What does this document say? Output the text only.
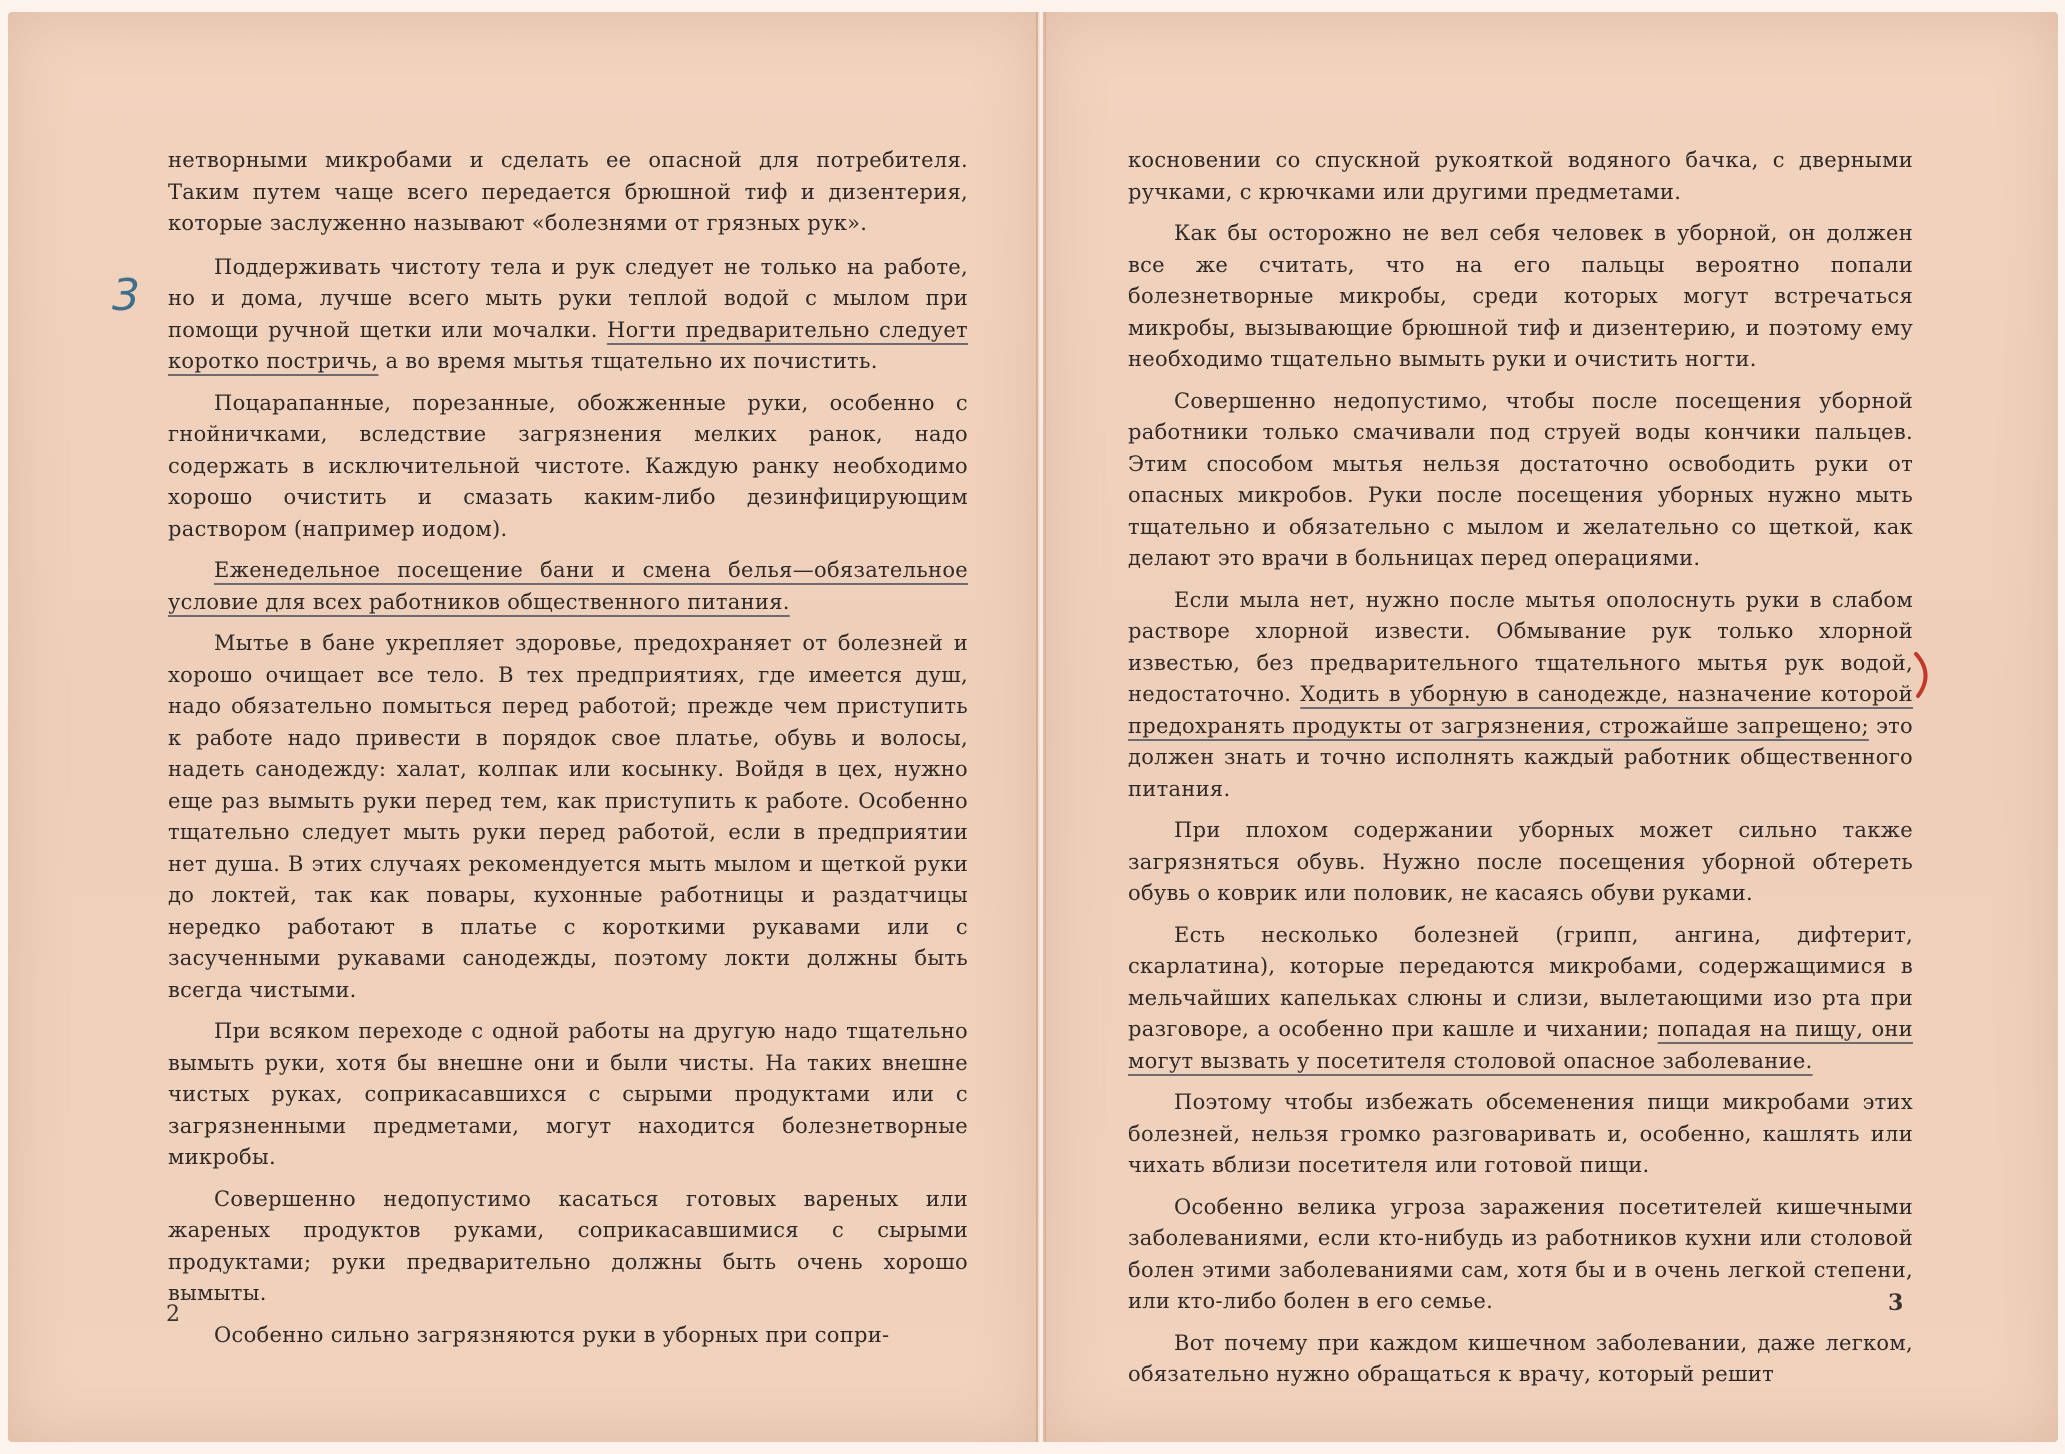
3

нетворными микробами и сделать ее опасной для потребителя. Таким путем чаще всего передается брюшной тиф и дизентерия, которые заслуженно называют «болезнями от грязных рук».

Поддерживать чистоту тела и рук следует не только на работе, но и дома, лучше всего мыть руки теплой водой с мылом при помощи ручной щетки или мочалки. Ногти предварительно следует коротко постричь, а во время мытья тщательно их почистить.

Поцарапанные, порезанные, обожженные руки, особенно с гнойничками, вследствие загрязнения мелких ранок, надо содержать в исключительной чистоте. Каждую ранку необходимо хорошо очистить и смазать каким-либо дезинфицирующим раствором (например иодом).

Еженедельное посещение бани и смена белья—обязательное условие для всех работников общественного питания.

Мытье в бане укрепляет здоровье, предохраняет от болезней и хорошо очищает все тело. В тех предприятиях, где имеется душ, надо обязательно помыться перед работой; прежде чем приступить к работе надо привести в порядок свое платье, обувь и волосы, надеть санодежду: халат, колпак или косынку. Войдя в цех, нужно еще раз вымыть руки перед тем, как приступить к работе. Особенно тщательно следует мыть руки перед работой, если в предприятии нет душа. В этих случаях рекомендуется мыть мылом и щеткой руки до локтей, так как повары, кухонные работницы и раздатчицы нередко работают в платье с короткими рукавами или с засученными рукавами санодежды, поэтому локти должны быть всегда чистыми.

При всяком переходе с одной работы на другую надо тщательно вымыть руки, хотя бы внешне они и были чисты. На таких внешне чистых руках, соприкасавшихся с сырыми продуктами или с загрязненными предметами, могут находится болезнетворные микробы.

Совершенно недопустимо касаться готовых вареных или жареных продуктов руками, соприкасавшимися с сырыми продуктами; руки предварительно должны быть очень хорошо вымыты.

Особенно сильно загрязняются руки в уборных при сопри-

косновении со спускной рукояткой водяного бачка, с дверными ручками, с крючками или другими предметами.

Как бы осторожно не вел себя человек в уборной, он должен все же считать, что на его пальцы вероятно попали болезнетворные микробы, среди которых могут встречаться микробы, вызывающие брюшной тиф и дизентерию, и поэтому ему необходимо тщательно вымыть руки и очистить ногти.

Совершенно недопустимо, чтобы после посещения уборной работники только смачивали под струей воды кончики пальцев. Этим способом мытья нельзя достаточно освободить руки от опасных микробов. Руки после посещения уборных нужно мыть тщательно и обязательно с мылом и желательно со щеткой, как делают это врачи в больницах перед операциями.

Если мыла нет, нужно после мытья ополоснуть руки в слабом растворе хлорной извести. Обмывание рук только хлорной известью, без предварительного тщательного мытья рук водой, недостаточно. Ходить в уборную в санодежде, назначение которой предохранять продукты от загрязнения, строжайше запрещено; это должен знать и точно исполнять каждый работник общественного питания.

При плохом содержании уборных может сильно также загрязняться обувь. Нужно после посещения уборной обтереть обувь о коврик или половик, не касаясь обуви руками.

Есть несколько болезней (грипп, ангина, дифтерит, скарлатина), которые передаются микробами, содержащимися в мельчайших капельках слюны и слизи, вылетающими изо рта при разговоре, а особенно при кашле и чихании; попадая на пищу, они могут вызвать у посетителя столовой опасное заболевание.

Поэтому чтобы избежать обсеменения пищи микробами этих болезней, нельзя громко разговаривать и, особенно, кашлять или чихать вблизи посетителя или готовой пищи.

Особенно велика угроза заражения посетителей кишечными заболеваниями, если кто-нибудь из работников кухни или столовой болен этими заболеваниями сам, хотя бы и в очень легкой степени, или кто-либо болен в его семье.

Вот почему при каждом кишечном заболевании, даже легком, обязательно нужно обращаться к врачу, который решит

2	3
